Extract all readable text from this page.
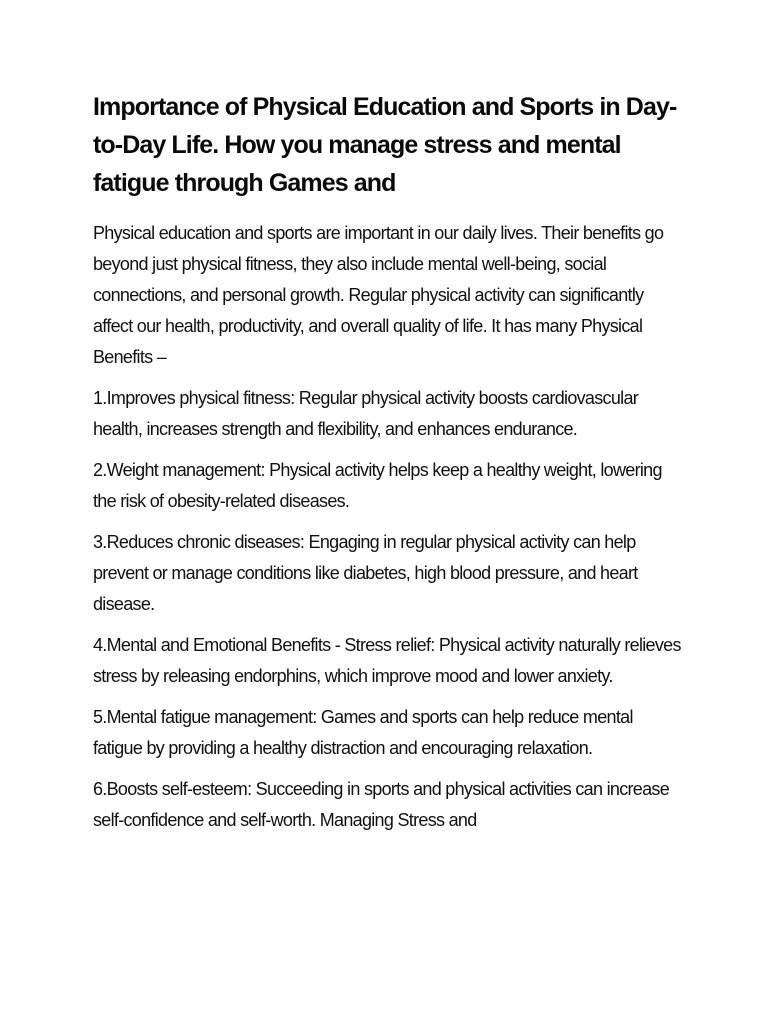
Importance of Physical Education and Sports in Day-to-Day Life. How you manage stress and mental fatigue through Games and

Physical education and sports are important in our daily lives. Their benefits go beyond just physical fitness, they also include mental well-being, social connections, and personal growth. Regular physical activity can significantly affect our health, productivity, and overall quality of life. It has many Physical Benefits –

1.Improves physical fitness: Regular physical activity boosts cardiovascular health, increases strength and flexibility, and enhances endurance.

2.Weight management: Physical activity helps keep a healthy weight, lowering the risk of obesity-related diseases.

3.Reduces chronic diseases: Engaging in regular physical activity can help prevent or manage conditions like diabetes, high blood pressure, and heart disease.

4.Mental and Emotional Benefits - Stress relief: Physical activity naturally relieves stress by releasing endorphins, which improve mood and lower anxiety.

5.Mental fatigue management: Games and sports can help reduce mental fatigue by providing a healthy distraction and encouraging relaxation.

6.Boosts self-esteem: Succeeding in sports and physical activities can increase self-confidence and self-worth. Managing Stress and
